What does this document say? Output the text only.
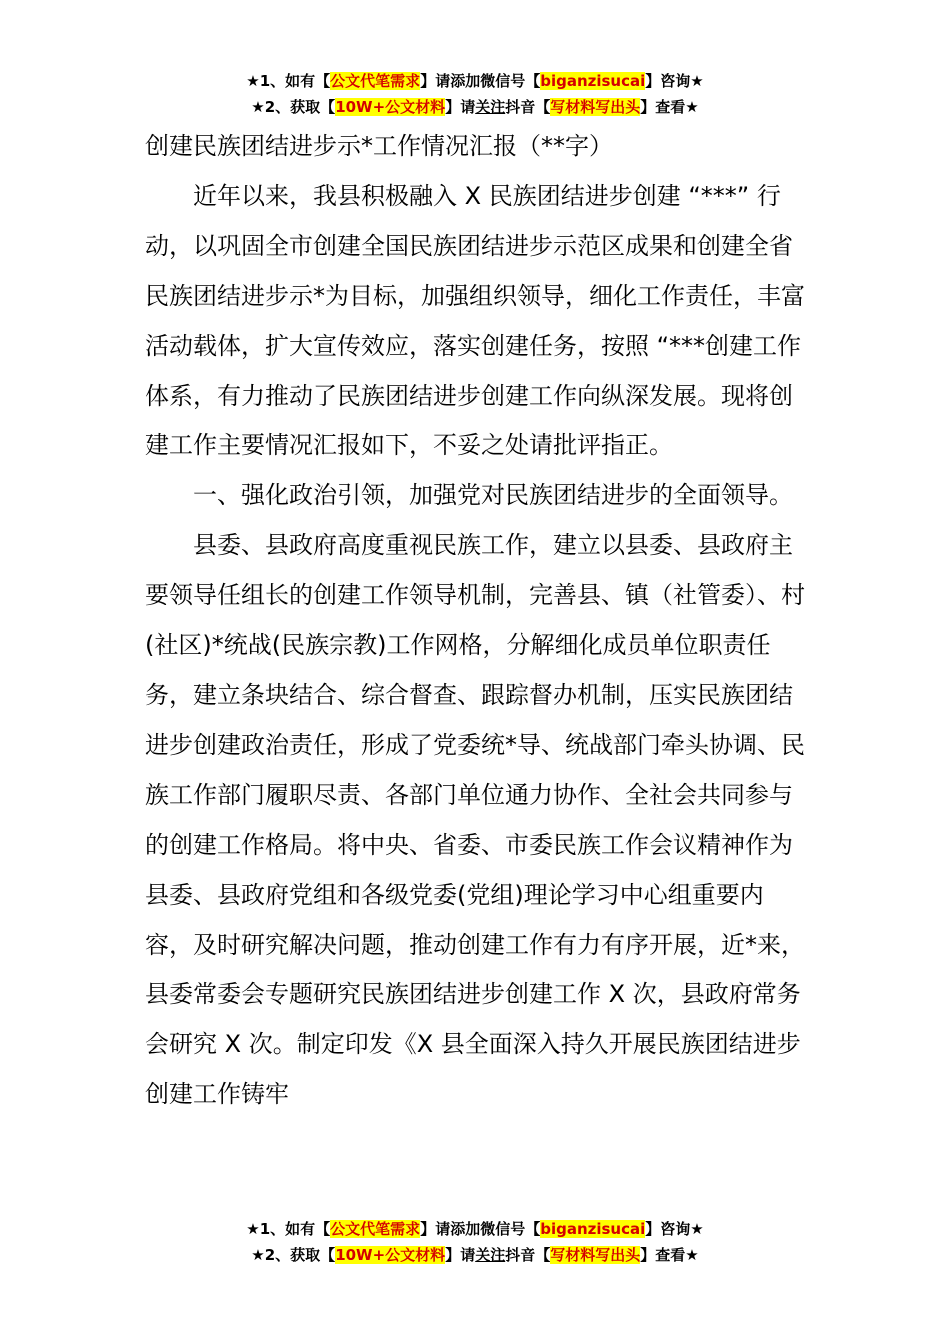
★1、如有【公文代笔需求】请添加微信号【biganzisucai】咨询★
★2、获取【10W+公文材料】请关注抖音【写材料写出头】查看★

创建民族团结进步示*工作情况汇报（**字）

近年以来，我县积极融入 X 民族团结进步创建 “***” 行动，以巩固全市创建全国民族团结进步示范区成果和创建全省民族团结进步示*为目标，加强组织领导，细化工作责任，丰富活动载体，扩大宣传效应，落实创建任务，按照 “***创建工作体系，有力推动了民族团结进步创建工作向纵深发展。现将创建工作主要情况汇报如下，不妥之处请批评指正。

一、强化政治引领，加强党对民族团结进步的全面领导。

县委、县政府高度重视民族工作，建立以县委、县政府主要领导任组长的创建工作领导机制，完善县、镇（社管委）、村(社区)*统战(民族宗教)工作网格，分解细化成员单位职责任务，建立条块结合、综合督查、跟踪督办机制，压实民族团结进步创建政治责任，形成了党委统*导、统战部门牵头协调、民族工作部门履职尽责、各部门单位通力协作、全社会共同参与的创建工作格局。将中央、省委、市委民族工作会议精神作为县委、县政府党组和各级党委(党组)理论学习中心组重要内容，及时研究解决问题，推动创建工作有力有序开展，近*来，县委常委会专题研究民族团结进步创建工作 X 次，县政府常务会研究 X 次。制定印发《X 县全面深入持久开展民族团结进步创建工作铸牢

★1、如有【公文代笔需求】请添加微信号【biganzisucai】咨询★
★2、获取【10W+公文材料】请关注抖音【写材料写出头】查看★
